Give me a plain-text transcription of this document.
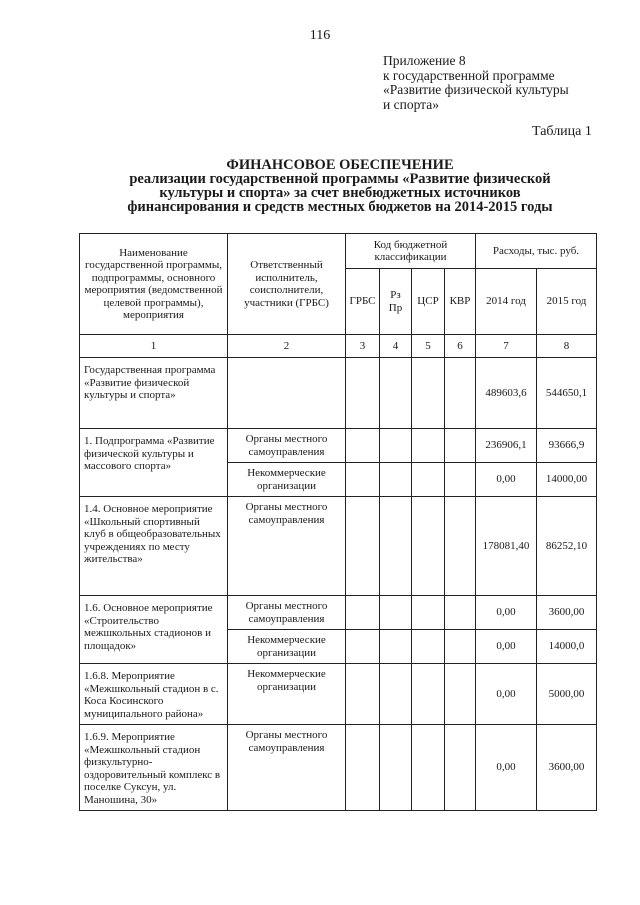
116
Приложение 8
к государственной программе
«Развитие физической культуры
и спорта»
Таблица 1
ФИНАНСОВОЕ ОБЕСПЕЧЕНИЕ
реализации государственной программы «Развитие физической
культуры и спорта» за счет внебюджетных источников
финансирования и средств местных бюджетов на 2014-2015 годы
Наименование государственной программы, подпрограммы, основного мероприятия (ведомственной целевой программы), мероприятия	Ответственный исполнитель, соисполнители, участники (ГРБС)	Код бюджетной классификации				Расходы, тыс. руб.	
		ГРБС	Рз Пр	ЦСР	КВР	2014 год	2015 год
1	2	3	4	5	6	7	8
Государственная программа «Развитие физической культуры и спорта»						489603,6	544650,1
1. Подпрограмма «Развитие физической культуры и массового спорта»	Органы местного самоуправления					236906,1	93666,9
	Некоммерческие организации					0,00	14000,00
1.4. Основное мероприятие «Школьный спортивный клуб в общеобразовательных учреждениях по месту жительства»	Органы местного самоуправления					178081,40	86252,10
1.6. Основное мероприятие «Строительство межшкольных стадионов и площадок»	Органы местного самоуправления					0,00	3600,00
	Некоммерческие организации					0,00	14000,0
1.6.8. Мероприятие «Межшкольный стадион в с. Коса Косинского муниципального района»	Некоммерческие организации					0,00	5000,00
1.6.9. Мероприятие «Межшкольный стадион физкультурно-оздоровительный комплекс в поселке Суксун, ул. Маношина, 30»	Органы местного самоуправления					0,00	3600,00
